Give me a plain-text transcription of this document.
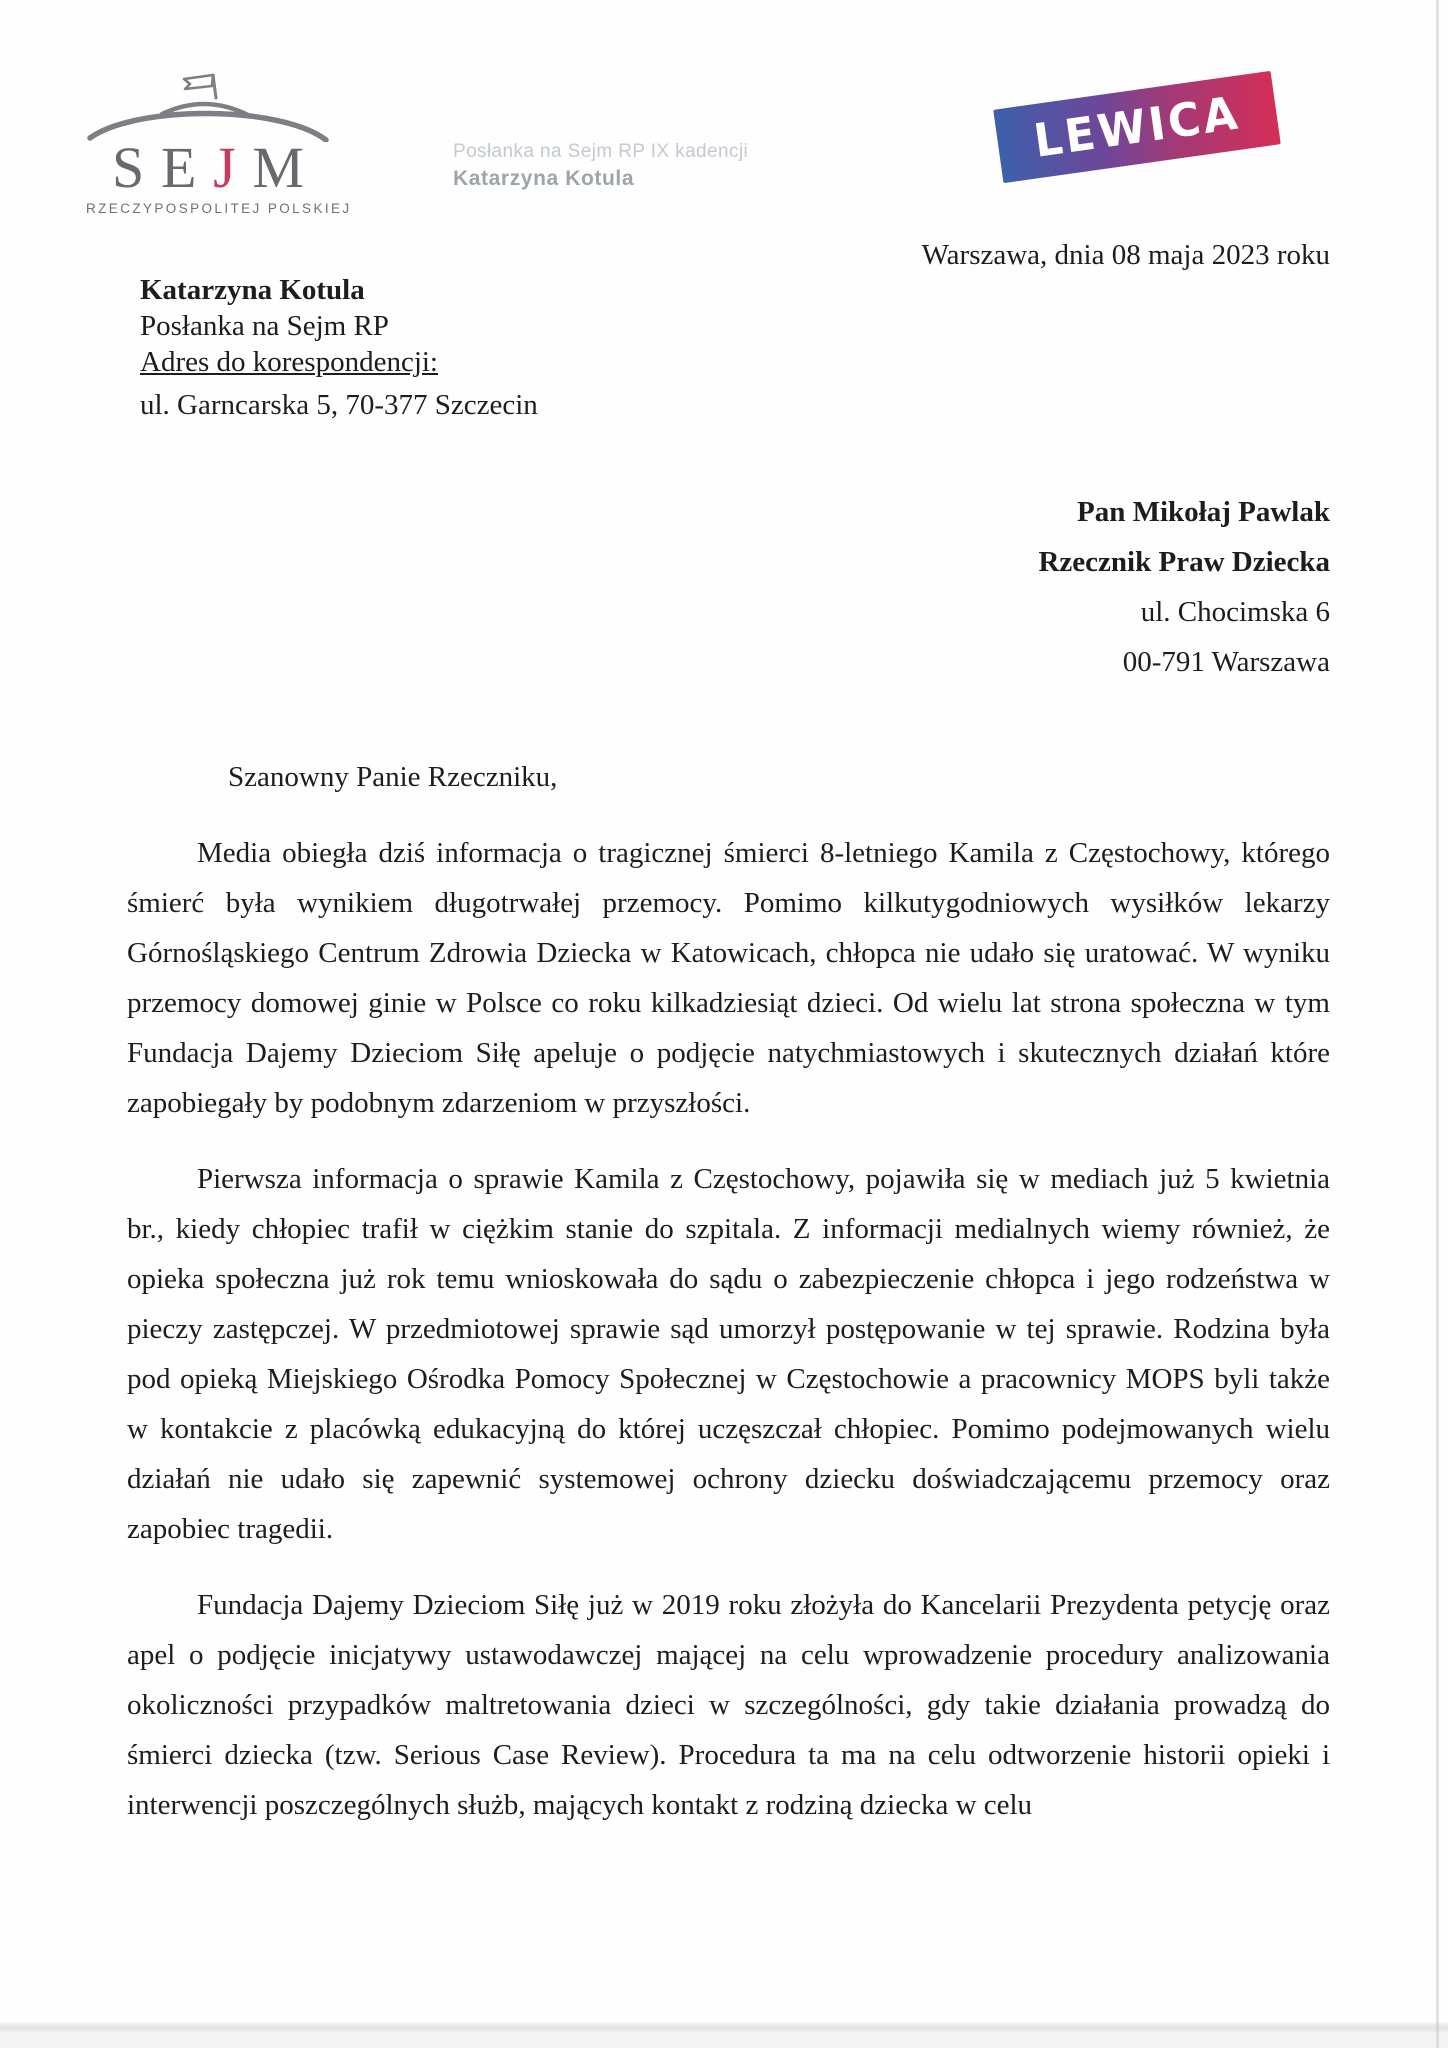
S E J M
RZECZYPOSPOLITEJ POLSKIEJ
Posłanka na Sejm RP IX kadencji
Katarzyna Kotula
LEWICA
Warszawa, dnia 08 maja 2023 roku
Katarzyna Kotula
Posłanka na Sejm RP
Adres do korespondencji:
ul. Garncarska 5, 70-377 Szczecin
Pan Mikołaj Pawlak
Rzecznik Praw Dziecka
ul. Chocimska 6
00-791 Warszawa

Szanowny Panie Rzeczniku,

Media obiegła dziś informacja o tragicznej śmierci 8-letniego Kamila z Częstochowy, którego śmierć była wynikiem długotrwałej przemocy. Pomimo kilkutygodniowych wysiłków lekarzy Górnośląskiego Centrum Zdrowia Dziecka w Katowicach, chłopca nie udało się uratować. W wyniku przemocy domowej ginie w Polsce co roku kilkadziesiąt dzieci. Od wielu lat strona społeczna w tym Fundacja Dajemy Dzieciom Siłę apeluje o podjęcie natychmiastowych i skutecznych działań które zapobiegały by podobnym zdarzeniom w przyszłości.

Pierwsza informacja o sprawie Kamila z Częstochowy, pojawiła się w mediach już 5 kwietnia br., kiedy chłopiec trafił w ciężkim stanie do szpitala. Z informacji medialnych wiemy również, że opieka społeczna już rok temu wnioskowała do sądu o zabezpieczenie chłopca i jego rodzeństwa w pieczy zastępczej. W przedmiotowej sprawie sąd umorzył postępowanie w tej sprawie. Rodzina była pod opieką Miejskiego Ośrodka Pomocy Społecznej w Częstochowie a pracownicy MOPS byli także w kontakcie z placówką edukacyjną do której uczęszczał chłopiec. Pomimo podejmowanych wielu działań nie udało się zapewnić systemowej ochrony dziecku doświadczającemu przemocy oraz zapobiec tragedii.

Fundacja Dajemy Dzieciom Siłę już w 2019 roku złożyła do Kancelarii Prezydenta petycję oraz apel o podjęcie inicjatywy ustawodawczej mającej na celu wprowadzenie procedury analizowania okoliczności przypadków maltretowania dzieci w szczególności, gdy takie działania prowadzą do śmierci dziecka (tzw. Serious Case Review). Procedura ta ma na celu odtworzenie historii opieki i interwencji poszczególnych służb, mających kontakt z rodziną dziecka w celu
